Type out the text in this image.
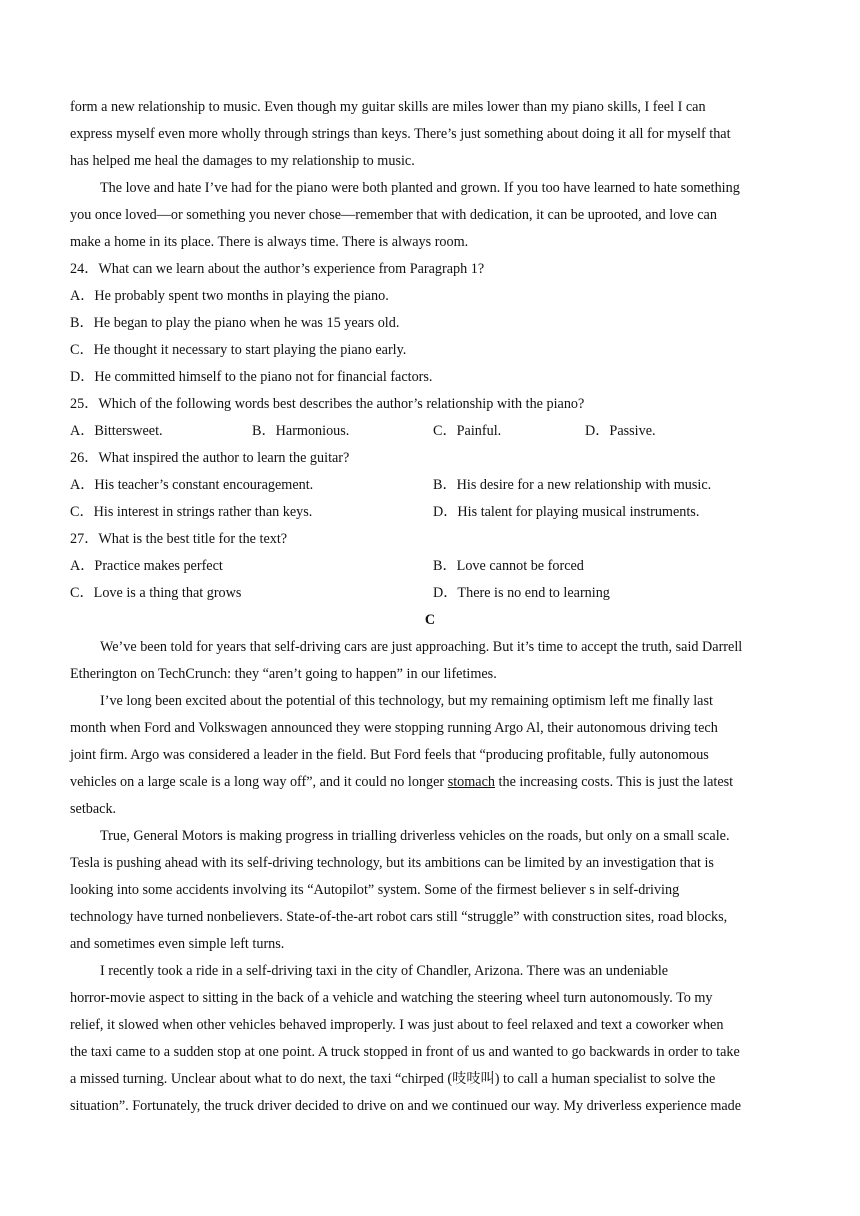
form a new relationship to music. Even though my guitar skills are miles lower than my piano skills, I feel I can
express myself even more wholly through strings than keys. There’s just something about doing it all for myself that
has helped me heal the damages to my relationship to music.
The love and hate I’ve had for the piano were both planted and grown. If you too have learned to hate something
you once loved—or something you never chose—remember that with dedication, it can be uprooted, and love can
make a home in its place. There is always time. There is always room.
24．What can we learn about the author’s experience from Paragraph 1?
A．He probably spent two months in playing the piano.
B．He began to play the piano when he was 15 years old.
C．He thought it necessary to start playing the piano early.
D．He committed himself to the piano not for financial factors.
25．Which of the following words best describes the author’s relationship with the piano?
A．Bittersweet.	B．Harmonious.	C．Painful.	D．Passive.
26．What inspired the author to learn the guitar?
A．His teacher’s constant encouragement.	B．His desire for a new relationship with music.
C．His interest in strings rather than keys.	D．His talent for playing musical instruments.
27．What is the best title for the text?
A．Practice makes perfect	B．Love cannot be forced
C．Love is a thing that grows	D．There is no end to learning
C
We’ve been told for years that self-driving cars are just approaching. But it’s time to accept the truth, said Darrell
Etherington on TechCrunch: they “aren’t going to happen” in our lifetimes.
I’ve long been excited about the potential of this technology, but my remaining optimism left me finally last
month when Ford and Volkswagen announced they were stopping running Argo Al, their autonomous driving tech
joint firm. Argo was considered a leader in the field. But Ford feels that “producing profitable, fully autonomous
vehicles on a large scale is a long way off”, and it could no longer stomach the increasing costs. This is just the latest
setback.
True, General Motors is making progress in trialling driverless vehicles on the roads, but only on a small scale.
Tesla is pushing ahead with its self-driving technology, but its ambitions can be limited by an investigation that is
looking into some accidents involving its “Autopilot” system. Some of the firmest believer s in self-driving
technology have turned nonbelievers. State-of-the-art robot cars still “struggle” with construction sites, road blocks,
and sometimes even simple left turns.
I recently took a ride in a self-driving taxi in the city of Chandler, Arizona. There was an undeniable
horror-movie aspect to sitting in the back of a vehicle and watching the steering wheel turn autonomously. To my
relief, it slowed when other vehicles behaved improperly. I was just about to feel relaxed and text a coworker when
the taxi came to a sudden stop at one point. A truck stopped in front of us and wanted to go backwards in order to take
a missed turning. Unclear about what to do next, the taxi “chirped (吱吱叫) to call a human specialist to solve the
situation”. Fortunately, the truck driver decided to drive on and we continued our way. My driverless experience made
